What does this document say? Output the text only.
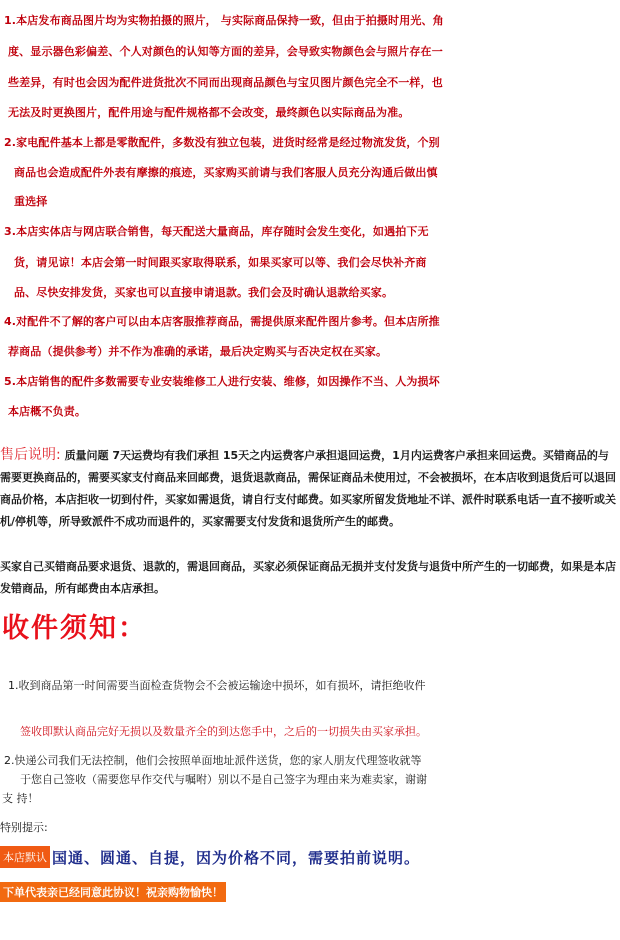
1.本店发布商品图片均为实物拍摄的照片， 与实际商品保持一致，但由于拍摄时用光、角
度、显示器色彩偏差、个人对颜色的认知等方面的差异，会导致实物颜色会与照片存在一
些差异，有时也会因为配件进货批次不同而出现商品颜色与宝贝图片颜色完全不一样，也
无法及时更换图片，配件用途与配件规格都不会改变，最终颜色以实际商品为准。
2.家电配件基本上都是零散配件，多数没有独立包装，进货时经常是经过物流发货，个别
商品也会造成配件外表有摩擦的痕迹，买家购买前请与我们客服人员充分沟通后做出慎
重选择
3.本店实体店与网店联合销售，每天配送大量商品，库存随时会发生变化，如遇拍下无
货，请见谅！本店会第一时间跟买家取得联系，如果买家可以等、我们会尽快补齐商
品、尽快安排发货，买家也可以直接申请退款。我们会及时确认退款给买家。
4.对配件不了解的客户可以由本店客服推荐商品，需提供原来配件图片参考。但本店所推
荐商品（提供参考）并不作为准确的承诺，最后决定购买与否决定权在买家。
5.本店销售的配件多数需要专业安装维修工人进行安装、维修，如因操作不当、人为损坏
本店概不负责。
售后说明: 质量问题 7天运费均有我们承担 15天之内运费客户承担退回运费，1月内运费客户承担来回运费。买错商品的与需要更换商品的，需要买家支付商品来回邮费，退货退款商品，需保证商品未使用过，不会被损坏，在本店收到退货后可以退回商品价格，本店拒收一切到付件，买家如需退货，请自行支付邮费。如买家所留发货地址不详、派件时联系电话一直不接听或关机/停机等，所导致派件不成功而退件的，买家需要支付发货和退货所产生的邮费。
买家自己买错商品要求退货、退款的，需退回商品，买家必须保证商品无损并支付发货与退货中所产生的一切邮费，如果是本店发错商品，所有邮费由本店承担。
收件须知：
1.收到商品第一时间需要当面检查货物会不会被运输途中损坏，如有损坏，请拒绝收件
签收即默认商品完好无损以及数量齐全的到达您手中，之后的一切损失由买家承担。
2.快递公司我们无法控制，他们会按照单面地址派件送货，您的家人朋友代理签收就等
于您自己签收（需要您早作交代与嘱咐）别以不是自己签字为理由来为难卖家，谢谢
支 持！
特别提示:
本店默认 国通、圆通、自提，因为价格不同，需要拍前说明。
下单代表亲已经同意此协议！祝亲购物愉快！
